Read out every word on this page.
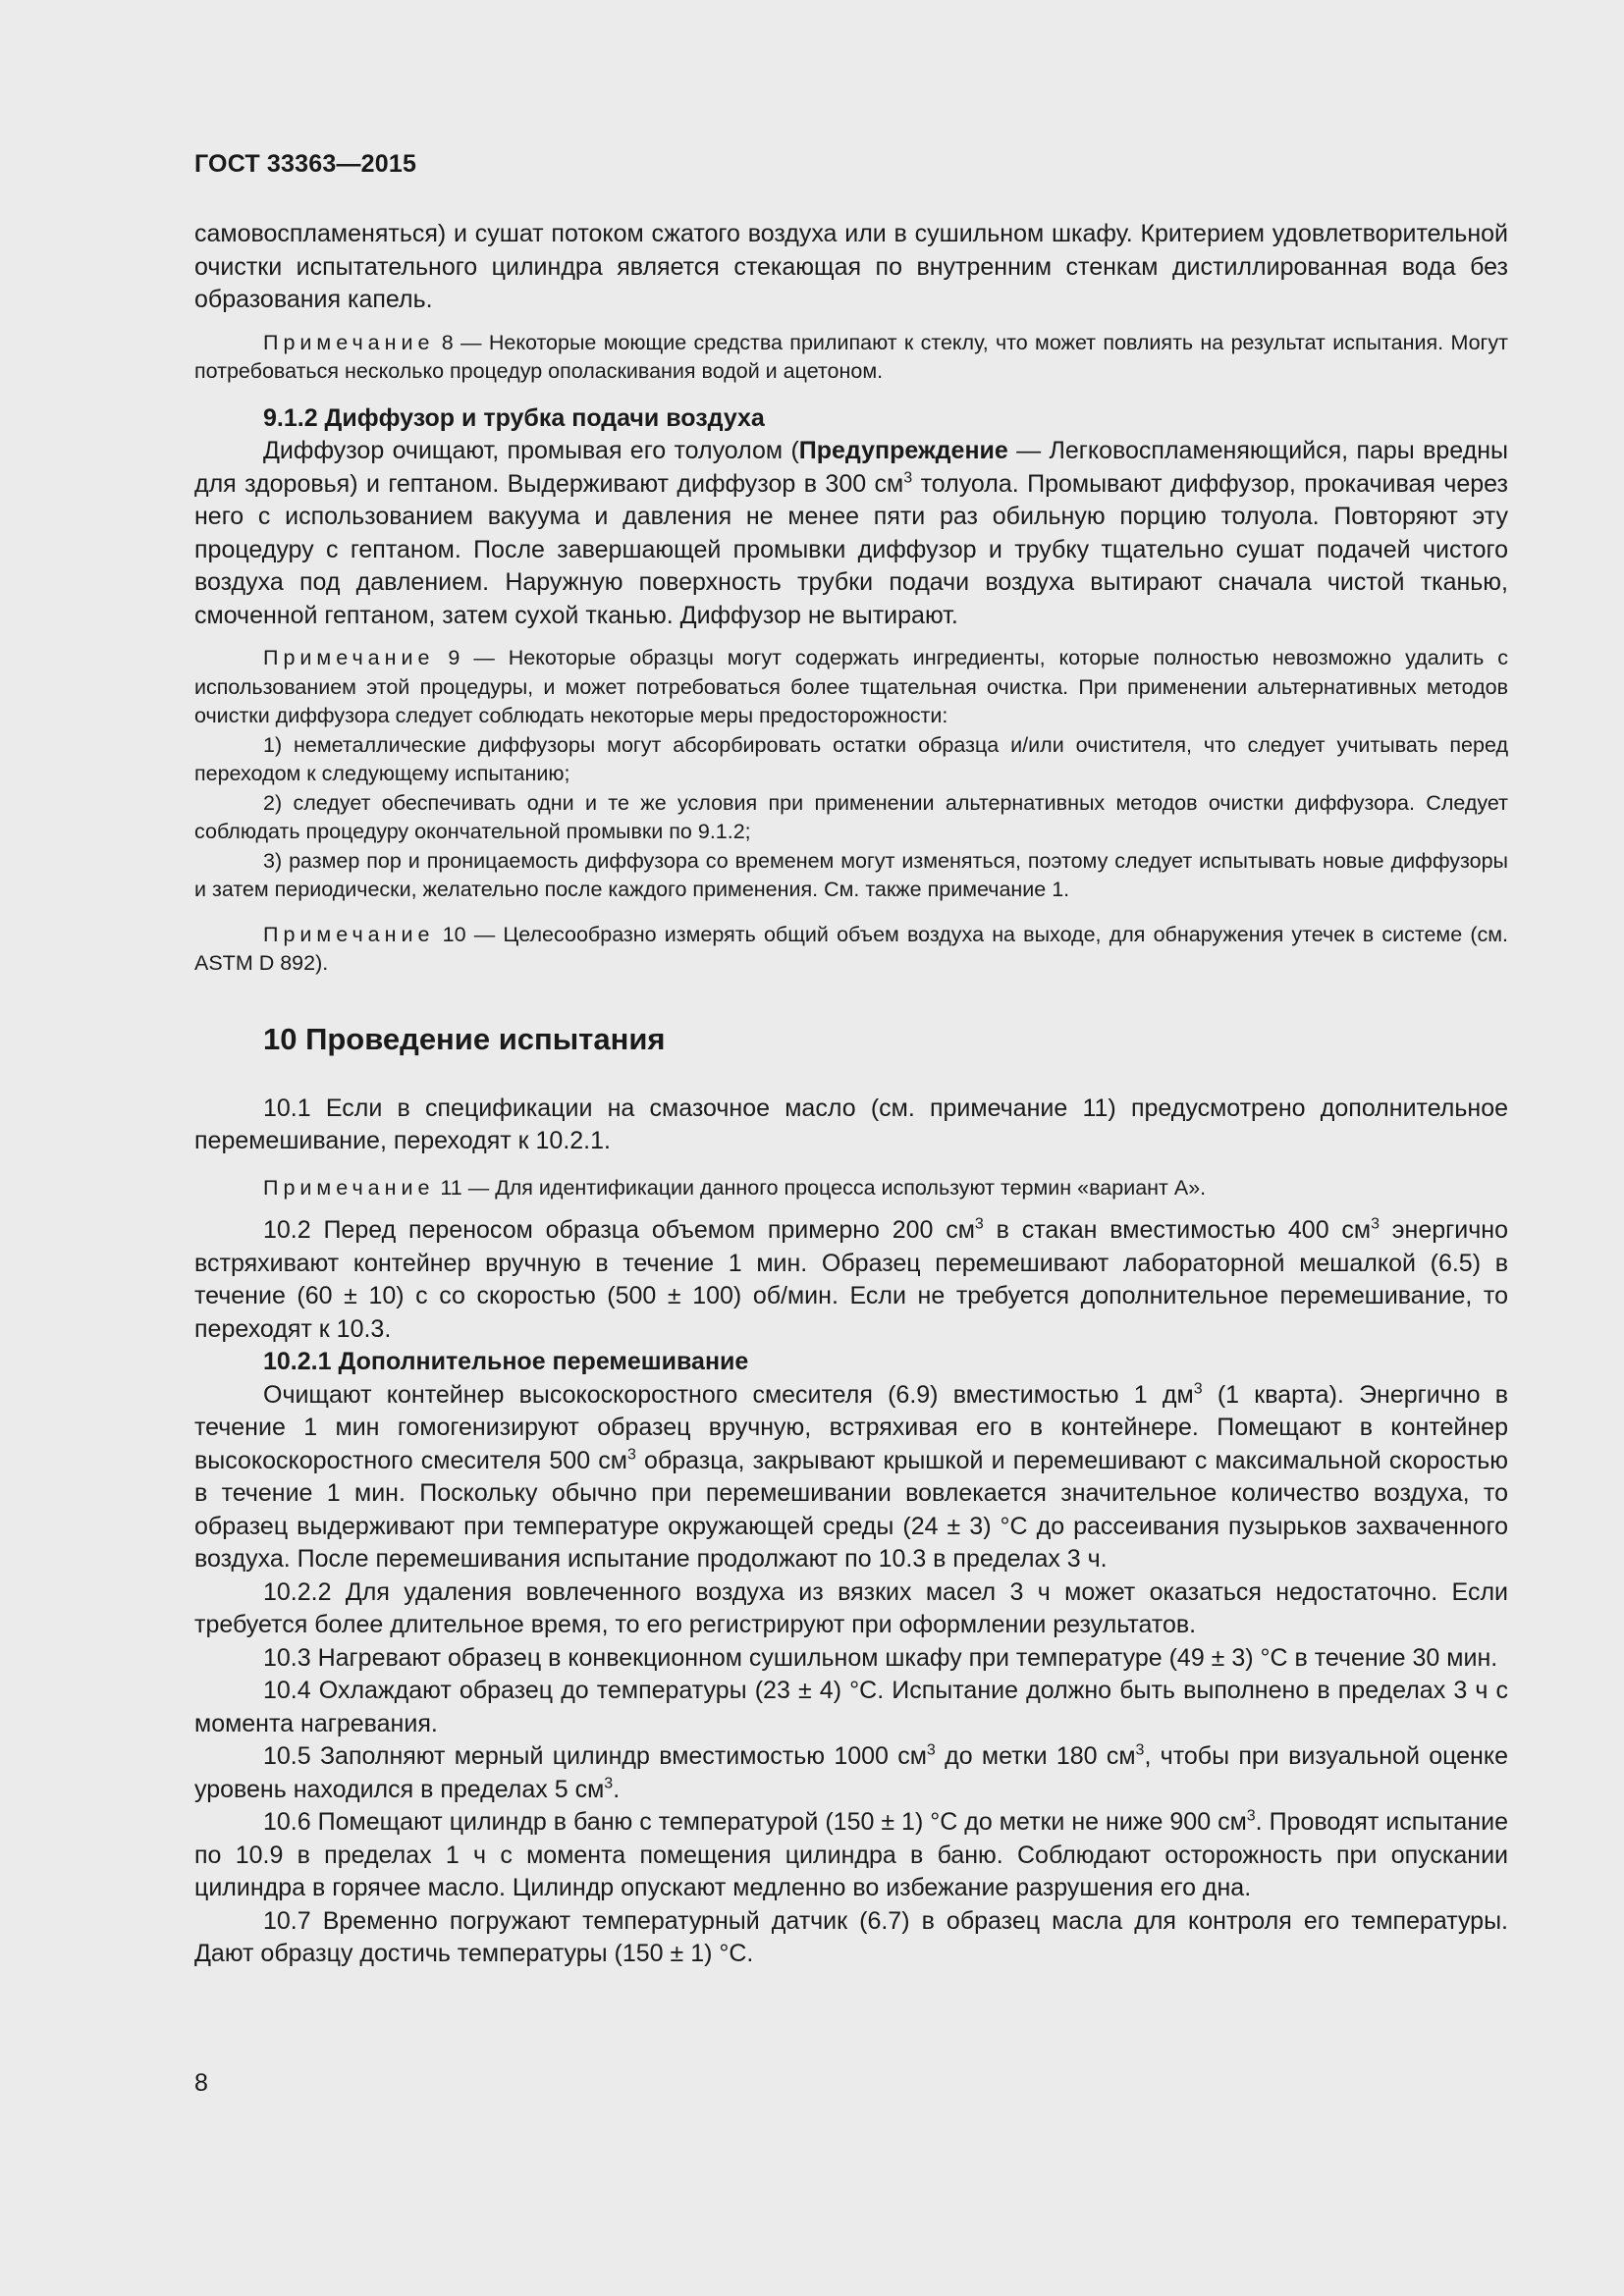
ГОСТ 33363—2015

самовоспламеняться) и сушат потоком сжатого воздуха или в сушильном шкафу. Критерием удовлетворительной очистки испытательного цилиндра является стекающая по внутренним стенкам дистиллированная вода без образования капель.

Примечание 8 — Некоторые моющие средства прилипают к стеклу, что может повлиять на результат испытания. Могут потребоваться несколько процедур ополаскивания водой и ацетоном.

9.1.2 Диффузор и трубка подачи воздуха

Диффузор очищают, промывая его толуолом (Предупреждение — Легковоспламеняющийся, пары вредны для здоровья) и гептаном. Выдерживают диффузор в 300 $см^3$ толуола. Промывают диффузор, прокачивая через него с использованием вакуума и давления не менее пяти раз обильную порцию толуола. Повторяют эту процедуру с гептаном. После завершающей промывки диффузор и трубку тщательно сушат подачей чистого воздуха под давлением. Наружную поверхность трубки подачи воздуха вытирают сначала чистой тканью, смоченной гептаном, затем сухой тканью. Диффузор не вытирают.

Примечание 9 — Некоторые образцы могут содержать ингредиенты, которые полностью невозможно удалить с использованием этой процедуры, и может потребоваться более тщательная очистка. При применении альтернативных методов очистки диффузора следует соблюдать некоторые меры предосторожности:

1) неметаллические диффузоры могут абсорбировать остатки образца и/или очистителя, что следует учитывать перед переходом к следующему испытанию;

2) следует обеспечивать одни и те же условия при применении альтернативных методов очистки диффузора. Следует соблюдать процедуру окончательной промывки по 9.1.2;

3) размер пор и проницаемость диффузора со временем могут изменяться, поэтому следует испытывать новые диффузоры и затем периодически, желательно после каждого применения. См. также примечание 1.

Примечание 10 — Целесообразно измерять общий объем воздуха на выходе, для обнаружения утечек в системе (см. ASTM D 892).

10 Проведение испытания

10.1 Если в спецификации на смазочное масло (см. примечание 11) предусмотрено дополнительное перемешивание, переходят к 10.2.1.

Примечание 11 — Для идентификации данного процесса используют термин «вариант А».

10.2 Перед переносом образца объемом примерно 200 $см^3$ в стакан вместимостью 400 $см^3$ энергично встряхивают контейнер вручную в течение 1 мин. Образец перемешивают лабораторной мешалкой (6.5) в течение (60 ± 10) с со скоростью (500 ± 100) об/мин. Если не требуется дополнительное перемешивание, то переходят к 10.3.

10.2.1 Дополнительное перемешивание

Очищают контейнер высокоскоростного смесителя (6.9) вместимостью 1 $дм^3$ (1 кварта). Энергично в течение 1 мин гомогенизируют образец вручную, встряхивая его в контейнере. Помещают в контейнер высокоскоростного смесителя 500 $см^3$ образца, закрывают крышкой и перемешивают с максимальной скоростью в течение 1 мин. Поскольку обычно при перемешивании вовлекается значительное количество воздуха, то образец выдерживают при температуре окружающей среды (24 ± 3) °С до рассеивания пузырьков захваченного воздуха. После перемешивания испытание продолжают по 10.3 в пределах 3 ч.

10.2.2 Для удаления вовлеченного воздуха из вязких масел 3 ч может оказаться недостаточно. Если требуется более длительное время, то его регистрируют при оформлении результатов.

10.3 Нагревают образец в конвекционном сушильном шкафу при температуре (49 ± 3) °С в течение 30 мин.

10.4 Охлаждают образец до температуры (23 ± 4) °С. Испытание должно быть выполнено в пределах 3 ч с момента нагревания.

10.5 Заполняют мерный цилиндр вместимостью 1000 $см^3$ до метки 180 $см^3$, чтобы при визуальной оценке уровень находился в пределах 5 $см^3$.

10.6 Помещают цилиндр в баню с температурой (150 ± 1) °С до метки не ниже 900 $см^3$. Проводят испытание по 10.9 в пределах 1 ч с момента помещения цилиндра в баню. Соблюдают осторожность при опускании цилиндра в горячее масло. Цилиндр опускают медленно во избежание разрушения его дна.

10.7 Временно погружают температурный датчик (6.7) в образец масла для контроля его температуры. Дают образцу достичь температуры (150 ± 1) °С.

8
